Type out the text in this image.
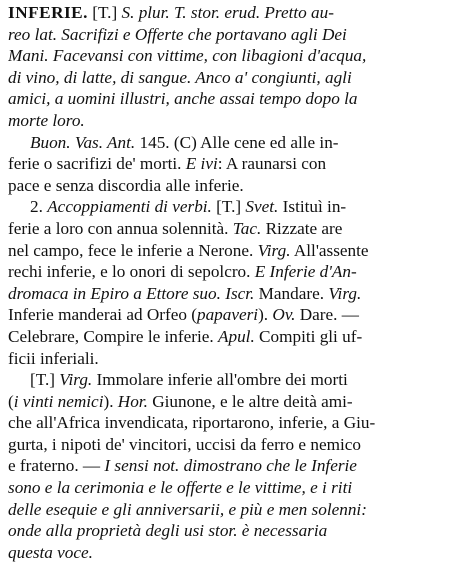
INFERIE. [T.] S. plur. T. stor. erud. Pretto au-
reo lat. Sacrifizi e Offerte che portavano agli Dei
Mani. Facevansi con vittime, con libagioni d'acqua,
di vino, di latte, di sangue. Anco a' congiunti, agli
amici, a uomini illustri, anche assai tempo dopo la
morte loro.
Buon. Vas. Ant. 145. (C) Alle cene ed alle in-
ferie o sacrifizi de' morti. E ivi: A raunarsi con
pace e senza discordia alle inferie.
2. Accoppiamenti di verbi. [T.] Svet. Istituì in-
ferie a loro con annua solennità. Tac. Rizzate are
nel campo, fece le inferie a Nerone. Virg. All'assente
rechi inferie, e lo onori di sepolcro. E Inferie d'An-
dromaca in Epiro a Ettore suo. Iscr. Mandare. Virg.
Inferie manderai ad Orfeo (papaveri). Ov. Dare. —
Celebrare, Compire le inferie. Apul. Compiti gli uf-
ficii inferiali.
[T.] Virg. Immolare inferie all'ombre dei morti
(i vinti nemici). Hor. Giunone, e le altre deità ami-
che all'Africa invendicata, riportarono, inferie, a Giu-
gurta, i nipoti de' vincitori, uccisi da ferro e nemico
e fraterno. — I sensi not. dimostrano che le Inferie
sono e la cerimonia e le offerte e le vittime, e i riti
delle esequie e gli anniversarii, e più e men solenni:
onde alla proprietà degli usi stor. è necessaria
questa voce.
